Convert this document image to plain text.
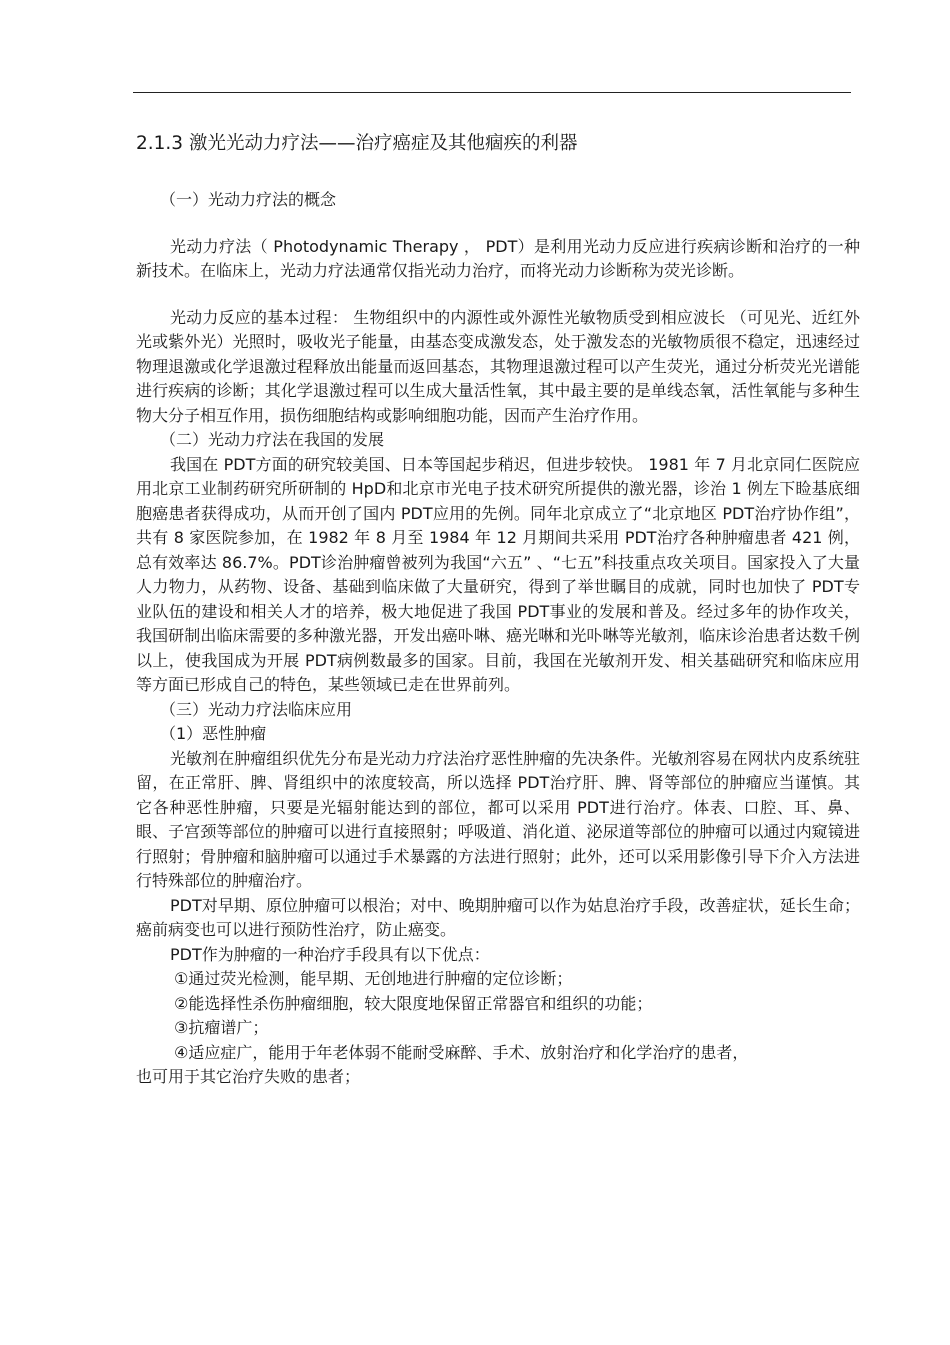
2.1.3 激光光动力疗法——治疗癌症及其他痼疾的利器

（一）光动力疗法的概念

光动力疗法（ Photodynamic Therapy ， PDT）是利用光动力反应进行疾病诊断和治疗的一种新技术。在临床上，光动力疗法通常仅指光动力治疗，而将光动力诊断称为荧光诊断。

光动力反应的基本过程： 生物组织中的内源性或外源性光敏物质受到相应波长 （可见光、近红外光或紫外光）光照时，吸收光子能量，由基态变成激发态，处于激发态的光敏物质很不稳定，迅速经过物理退激或化学退激过程释放出能量而返回基态，其物理退激过程可以产生荧光，通过分析荧光光谱能进行疾病的诊断；其化学退激过程可以生成大量活性氧，其中最主要的是单线态氧，活性氧能与多种生物大分子相互作用，损伤细胞结构或影响细胞功能，因而产生治疗作用。

（二）光动力疗法在我国的发展

我国在 PDT方面的研究较美国、日本等国起步稍迟，但进步较快。 1981 年 7 月北京同仁医院应用北京工业制药研究所研制的 HpD和北京市光电子技术研究所提供的激光器，诊治 1 例左下睑基底细胞癌患者获得成功，从而开创了国内 PDT应用的先例。同年北京成立了“北京地区 PDT治疗协作组”，共有 8 家医院参加，在 1982 年 8 月至 1984 年 12 月期间共采用 PDT治疗各种肿瘤患者 421 例，总有效率达 86.7%。PDT诊治肿瘤曾被列为我国“六五” 、“七五”科技重点攻关项目。国家投入了大量人力物力，从药物、设备、基础到临床做了大量研究，得到了举世瞩目的成就，同时也加快了 PDT专业队伍的建设和相关人才的培养，极大地促进了我国 PDT事业的发展和普及。经过多年的协作攻关，我国研制出临床需要的多种激光器，开发出癌卟啉、癌光啉和光卟啉等光敏剂，临床诊治患者达数千例以上，使我国成为开展 PDT病例数最多的国家。目前，我国在光敏剂开发、相关基础研究和临床应用等方面已形成自己的特色，某些领域已走在世界前列。

（三）光动力疗法临床应用

（1）恶性肿瘤

光敏剂在肿瘤组织优先分布是光动力疗法治疗恶性肿瘤的先决条件。光敏剂容易在网状内皮系统驻留，在正常肝、脾、肾组织中的浓度较高，所以选择 PDT治疗肝、脾、肾等部位的肿瘤应当谨慎。其它各种恶性肿瘤，只要是光辐射能达到的部位，都可以采用 PDT进行治疗。体表、口腔、耳、鼻、眼、子宫颈等部位的肿瘤可以进行直接照射；呼吸道、消化道、泌尿道等部位的肿瘤可以通过内窥镜进行照射；骨肿瘤和脑肿瘤可以通过手术暴露的方法进行照射；此外，还可以采用影像引导下介入方法进行特殊部位的肿瘤治疗。

PDT对早期、原位肿瘤可以根治；对中、晚期肿瘤可以作为姑息治疗手段，改善症状，延长生命；癌前病变也可以进行预防性治疗，防止癌变。

PDT作为肿瘤的一种治疗手段具有以下优点：

①通过荧光检测，能早期、无创地进行肿瘤的定位诊断；

②能选择性杀伤肿瘤细胞，较大限度地保留正常器官和组织的功能；

③抗瘤谱广；

④适应症广，能用于年老体弱不能耐受麻醉、手术、放射治疗和化学治疗的患者，

也可用于其它治疗失败的患者；
